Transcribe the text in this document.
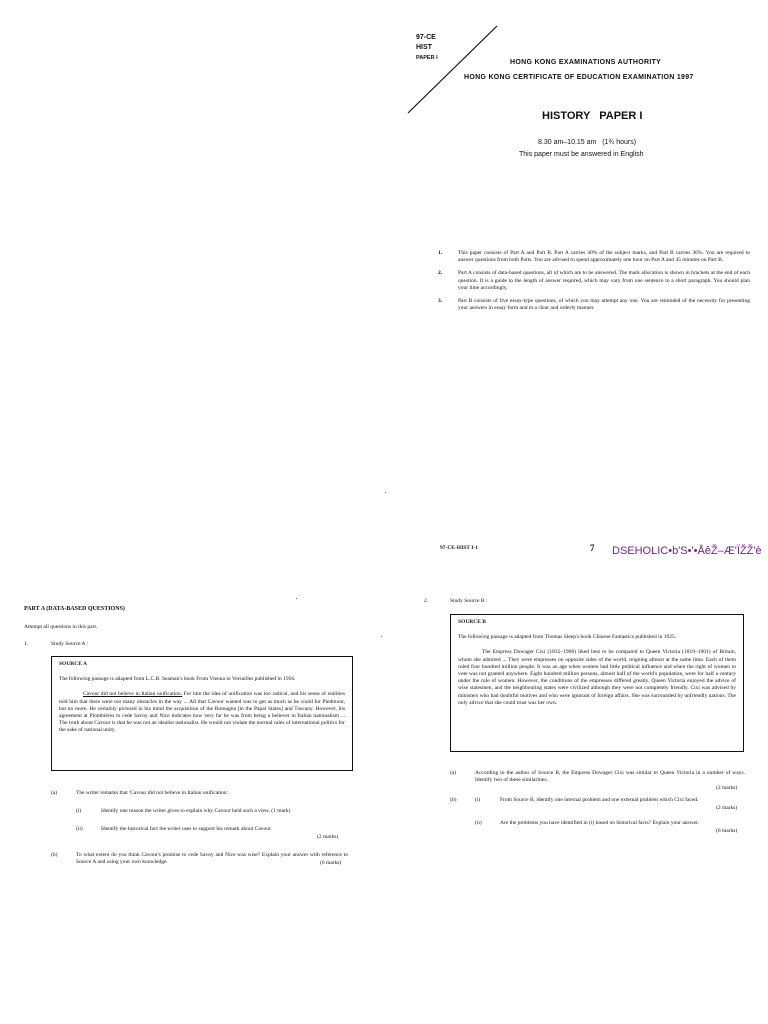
97-CE
HIST
PAPER I
HONG KONG EXAMINATIONS AUTHORITY
HONG KONG CERTIFICATE OF EDUCATION EXAMINATION 1997
HISTORY   PAPER I
8.30 am–10.15 am   (1¾ hours)
This paper must be answered in English
1.	This paper consists of Part A and Part B. Part A carries 40% of the subject marks, and Part B carries 30%. You are required to answer questions from both Parts. You are advised to spend approximately one hour on Part A and 45 minutes on Part B.
2.	Part A consists of data-based questions, all of which are to be answered. The mark allocation is shown in brackets at the end of each question. It is a guide to the length of answer required, which may vary from one sentence to a short paragraph. You should plan your time accordingly.
3.	Part B consists of five essay-type questions, of which you may attempt any one. You are reminded of the necessity for presenting your answers in essay form and in a clear and orderly manner.
97-CE-HIST I-1	7 DSEHOLIC•b'S•'•ÅêŽ–Æ'ÏŽŽ'è
PART A (DATA-BASED QUESTIONS)
Attempt all questions in this part.
1.	Study Source A :
SOURCE A
The following passage is adapted from L.C.B. Seaman's book From Vienna to Versailles published in 1956.
Cavour did not believe in Italian unification. For him the idea of unification was too radical, and his sense of realities told him that there were too many obstacles in the way ... All that Cavour wanted was to get as much as he could for Piedmont, but no more. He certainly pictured in his mind the acquisition of the Romagna [in the Papal States] and Tuscany. However, his agreement at Plombières to cede Savoy and Nice indicates how very far he was from being a believer in Italian nationalism ... The truth about Cavour is that he was not an idealist nationalist. He would not violate the normal rules of international politics for the sake of national unity.
(a)	The writer remarks that 'Cavour did not believe in Italian unification'.
(i)	Identify one reason the writer gives to explain why Cavour held such a view. (1 mark)
(ii)	Identify the historical fact the writer uses to support his remark about Cavour.
(2 marks)
(b)	To what extent do you think Cavour's promise to cede Savoy and Nice was wise? Explain your answer with reference to Source A and using your own knowledge.	(6 marks)
2.	Study Source B :
SOURCE B
The following passage is adapted from Thomas Sleep's book Chinese Fantastics published in 1925.
The Empress Dowager Cixi (1835–1908) liked best to be compared to Queen Victoria (1819–1901) of Britain, whom she admired ... They were empresses on opposite sides of the world, reigning almost at the same time. Each of them ruled four hundred million people. It was an age when women had little political influence and when the right of women to vote was not granted anywhere. Eight hundred million persons, almost half of the world's population, were for half a century under the rule of women. However, the conditions of the empresses differed greatly. Queen Victoria enjoyed the advice of wise statesmen, and the neighbouring states were civilized although they were not completely friendly. Cixi was advised by ministers who had doubtful motives and who were ignorant of foreign affairs. She was surrounded by unfriendly nations. The only advice that she could trust was her own.
(a)	According to the author of Source B, the Empress Dowager Cixi was similar to Queen Victoria in a number of ways. Identify two of these similarities.
(2 marks)
(b)	(i)	From Source B, identify one internal problem and one external problem which Cixi faced.
(2 marks)
(ii)	Are the problems you have identified in (i) based on historical facts? Explain your answer.
(6 marks)
